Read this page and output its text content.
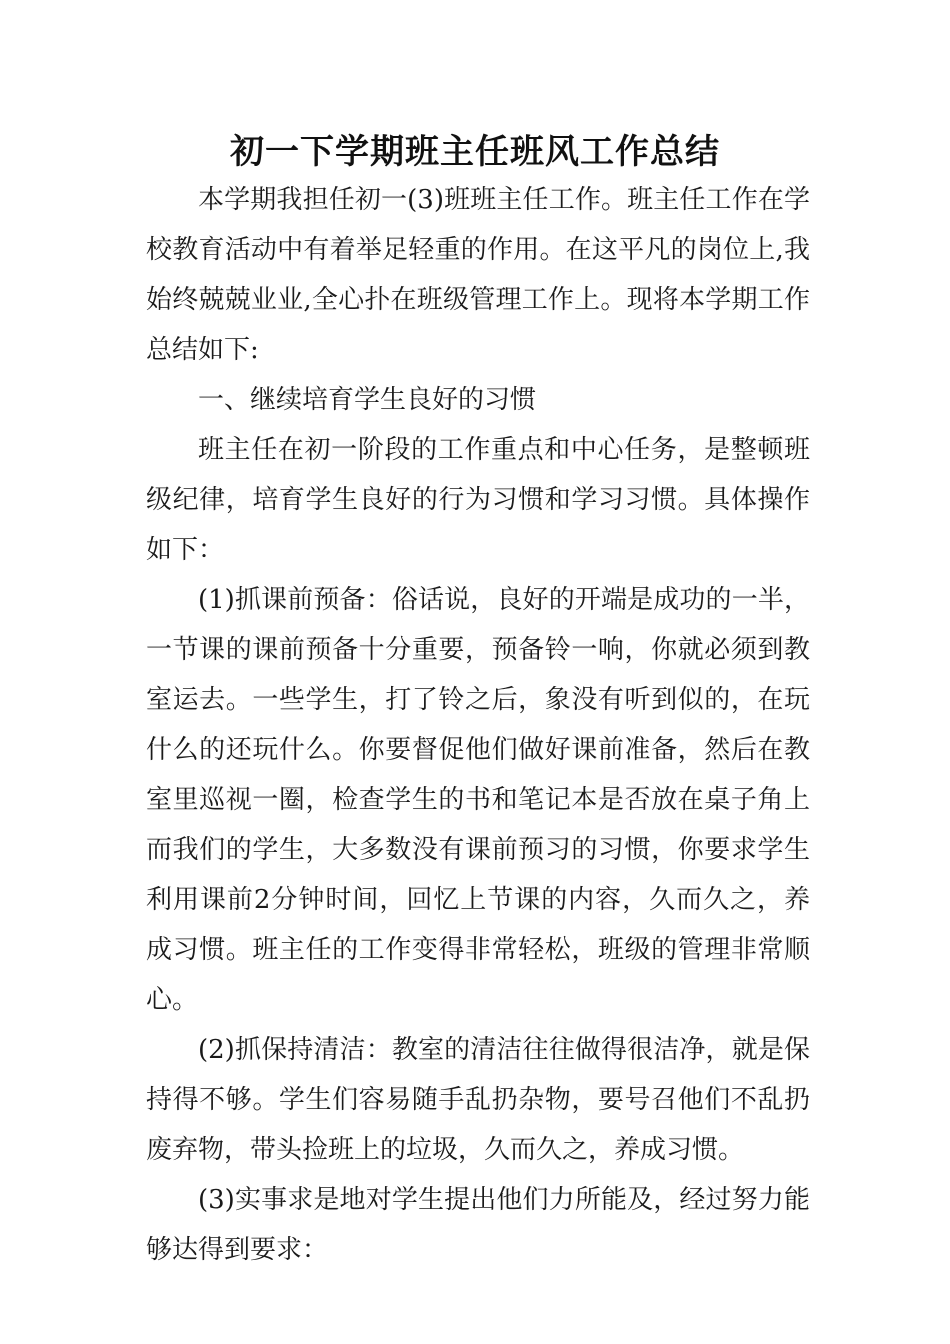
初一下学期班主任班风工作总结

本学期我担任初一(3)班班主任工作。班主任工作在学校教育活动中有着举足轻重的作用。在这平凡的岗位上,我始终兢兢业业,全心扑在班级管理工作上。现将本学期工作总结如下:

一、继续培育学生良好的习惯

班主任在初一阶段的工作重点和中心任务，是整顿班级纪律，培育学生良好的行为习惯和学习习惯。具体操作如下：

(1)抓课前预备：俗话说，良好的开端是成功的一半，一节课的课前预备十分重要，预备铃一响，你就必须到教室运去。一些学生，打了铃之后，象没有听到似的，在玩什么的还玩什么。你要督促他们做好课前准备，然后在教室里巡视一圈，检查学生的书和笔记本是否放在桌子角上而我们的学生，大多数没有课前预习的习惯，你要求学生利用课前2分钟时间，回忆上节课的内容，久而久之，养成习惯。班主任的工作变得非常轻松，班级的管理非常顺心。

(2)抓保持清洁：教室的清洁往往做得很洁净，就是保持得不够。学生们容易随手乱扔杂物，要号召他们不乱扔废弃物，带头捡班上的垃圾，久而久之，养成习惯。

(3)实事求是地对学生提出他们力所能及，经过努力能够达得到要求：
